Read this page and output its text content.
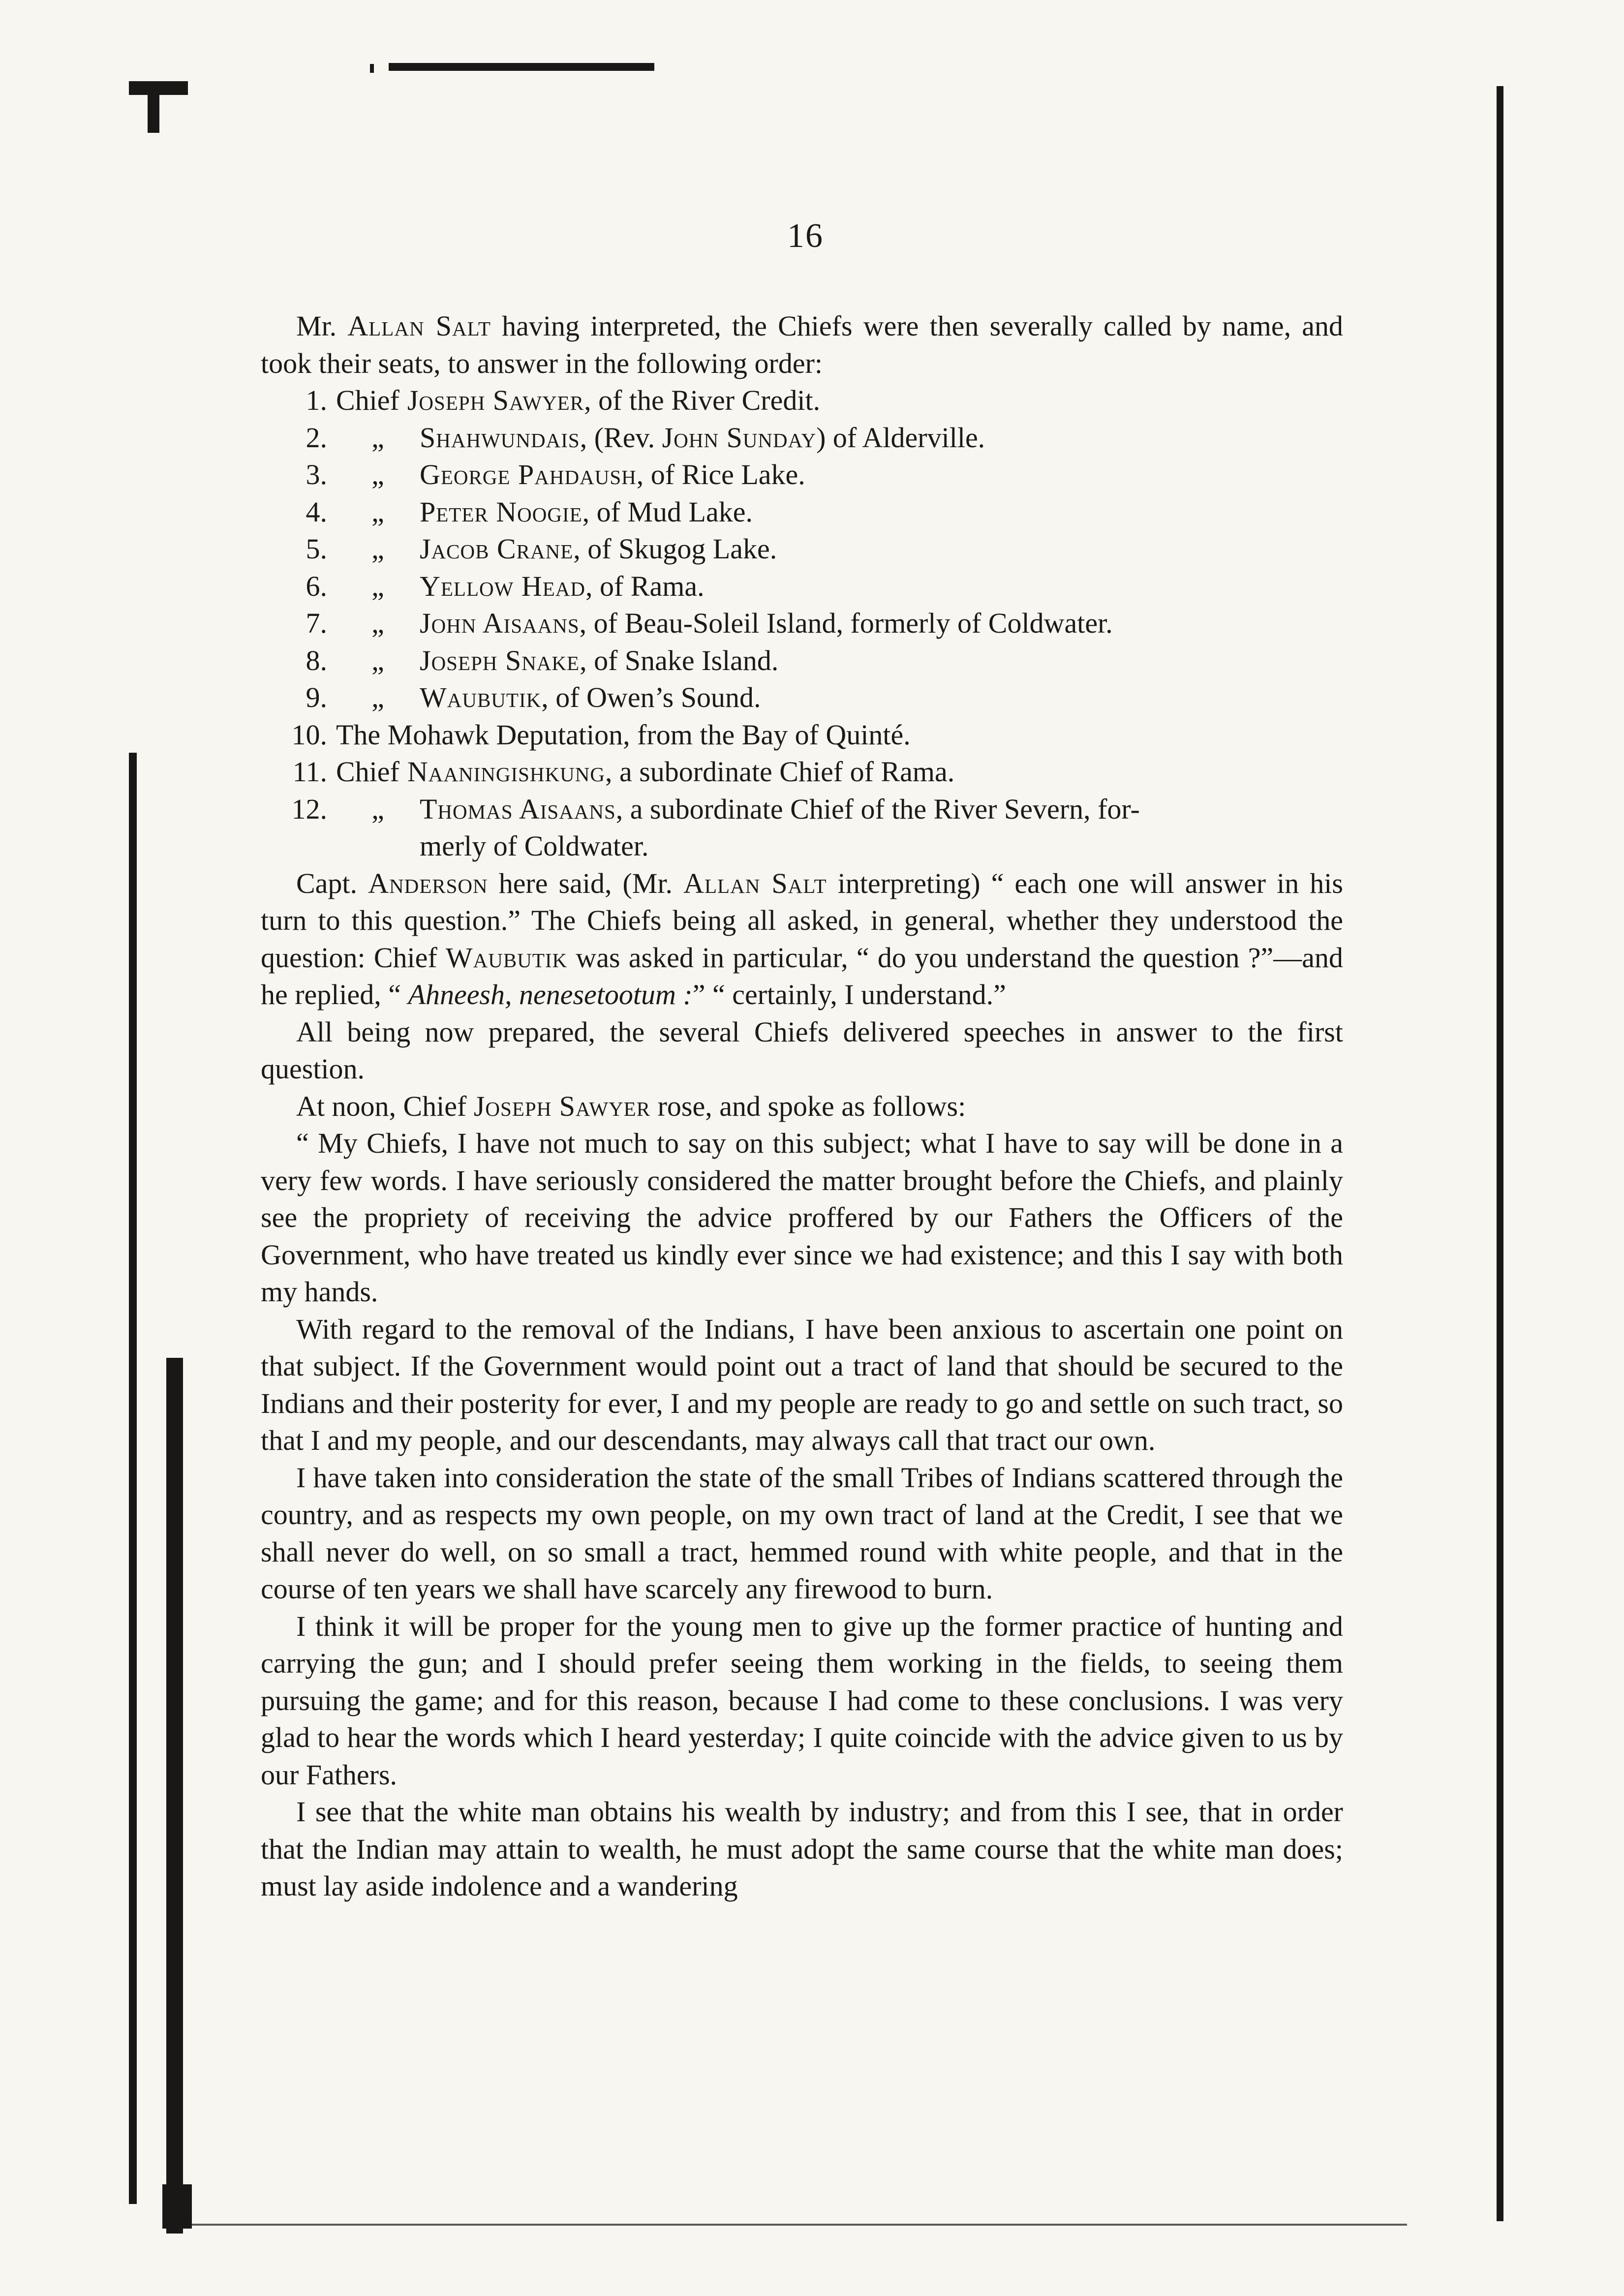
16

Mr. Allan Salt having interpreted, the Chiefs were then severally called by name, and took their seats, to answer in the following order:

1. Chief Joseph Sawyer, of the River Credit.
2.	„	Shahwundais, (Rev. John Sunday) of Alderville.
3.	„	George Pahdaush, of Rice Lake.
4.	„	Peter Noogie, of Mud Lake.
5.	„	Jacob Crane, of Skugog Lake.
6.	„	Yellow Head, of Rama.
7.	„	John Aisaans, of Beau-Soleil Island, formerly of Coldwater.
8.	„	Joseph Snake, of Snake Island.
9.	„	Waubutik, of Owen’s Sound.
10. The Mohawk Deputation, from the Bay of Quinté.
11. Chief Naaningishkung, a subordinate Chief of Rama.
12.	„	Thomas Aisaans, a subordinate Chief of the River Severn, for-
merly of Coldwater.

Capt. Anderson here said, (Mr. Allan Salt interpreting) “ each one will answer in his turn to this question.” The Chiefs being all asked, in general, whether they understood the question: Chief Waubutik was asked in particular, “ do you understand the question ?”—and he replied, “ Ahneesh, nenesetootum :” “ certainly, I understand.”

All being now prepared, the several Chiefs delivered speeches in answer to the first question.

At noon, Chief Joseph Sawyer rose, and spoke as follows:

“ My Chiefs, I have not much to say on this subject; what I have to say will be done in a very few words. I have seriously considered the matter brought before the Chiefs, and plainly see the propriety of receiving the advice proffered by our Fathers the Officers of the Government, who have treated us kindly ever since we had existence; and this I say with both my hands.

With regard to the removal of the Indians, I have been anxious to ascertain one point on that subject. If the Government would point out a tract of land that should be secured to the Indians and their posterity for ever, I and my people are ready to go and settle on such tract, so that I and my people, and our descendants, may always call that tract our own.

I have taken into consideration the state of the small Tribes of Indians scattered through the country, and as respects my own people, on my own tract of land at the Credit, I see that we shall never do well, on so small a tract, hemmed round with white people, and that in the course of ten years we shall have scarcely any firewood to burn.

I think it will be proper for the young men to give up the former practice of hunting and carrying the gun; and I should prefer seeing them working in the fields, to seeing them pursuing the game; and for this reason, because I had come to these conclusions. I was very glad to hear the words which I heard yesterday; I quite coincide with the advice given to us by our Fathers.

I see that the white man obtains his wealth by industry; and from this I see, that in order that the Indian may attain to wealth, he must adopt the same course that the white man does; must lay aside indolence and a wandering
